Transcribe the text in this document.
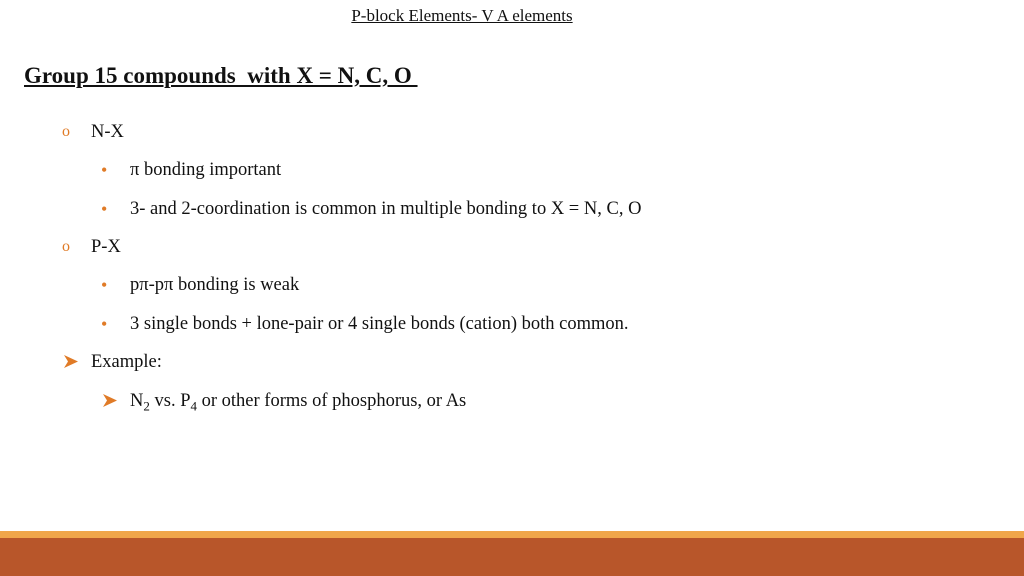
P-block Elements- V A elements
Group 15 compounds  with X = N, C, O
o N-X
• π bonding important
• 3- and 2-coordination is common in multiple bonding to X = N, C, O
o P-X
• pπ-pπ bonding is weak
• 3 single bonds + lone-pair or 4 single bonds (cation) both common.
Example:
$N_2$ vs. $P_4$ or other forms of phosphorus, or As
